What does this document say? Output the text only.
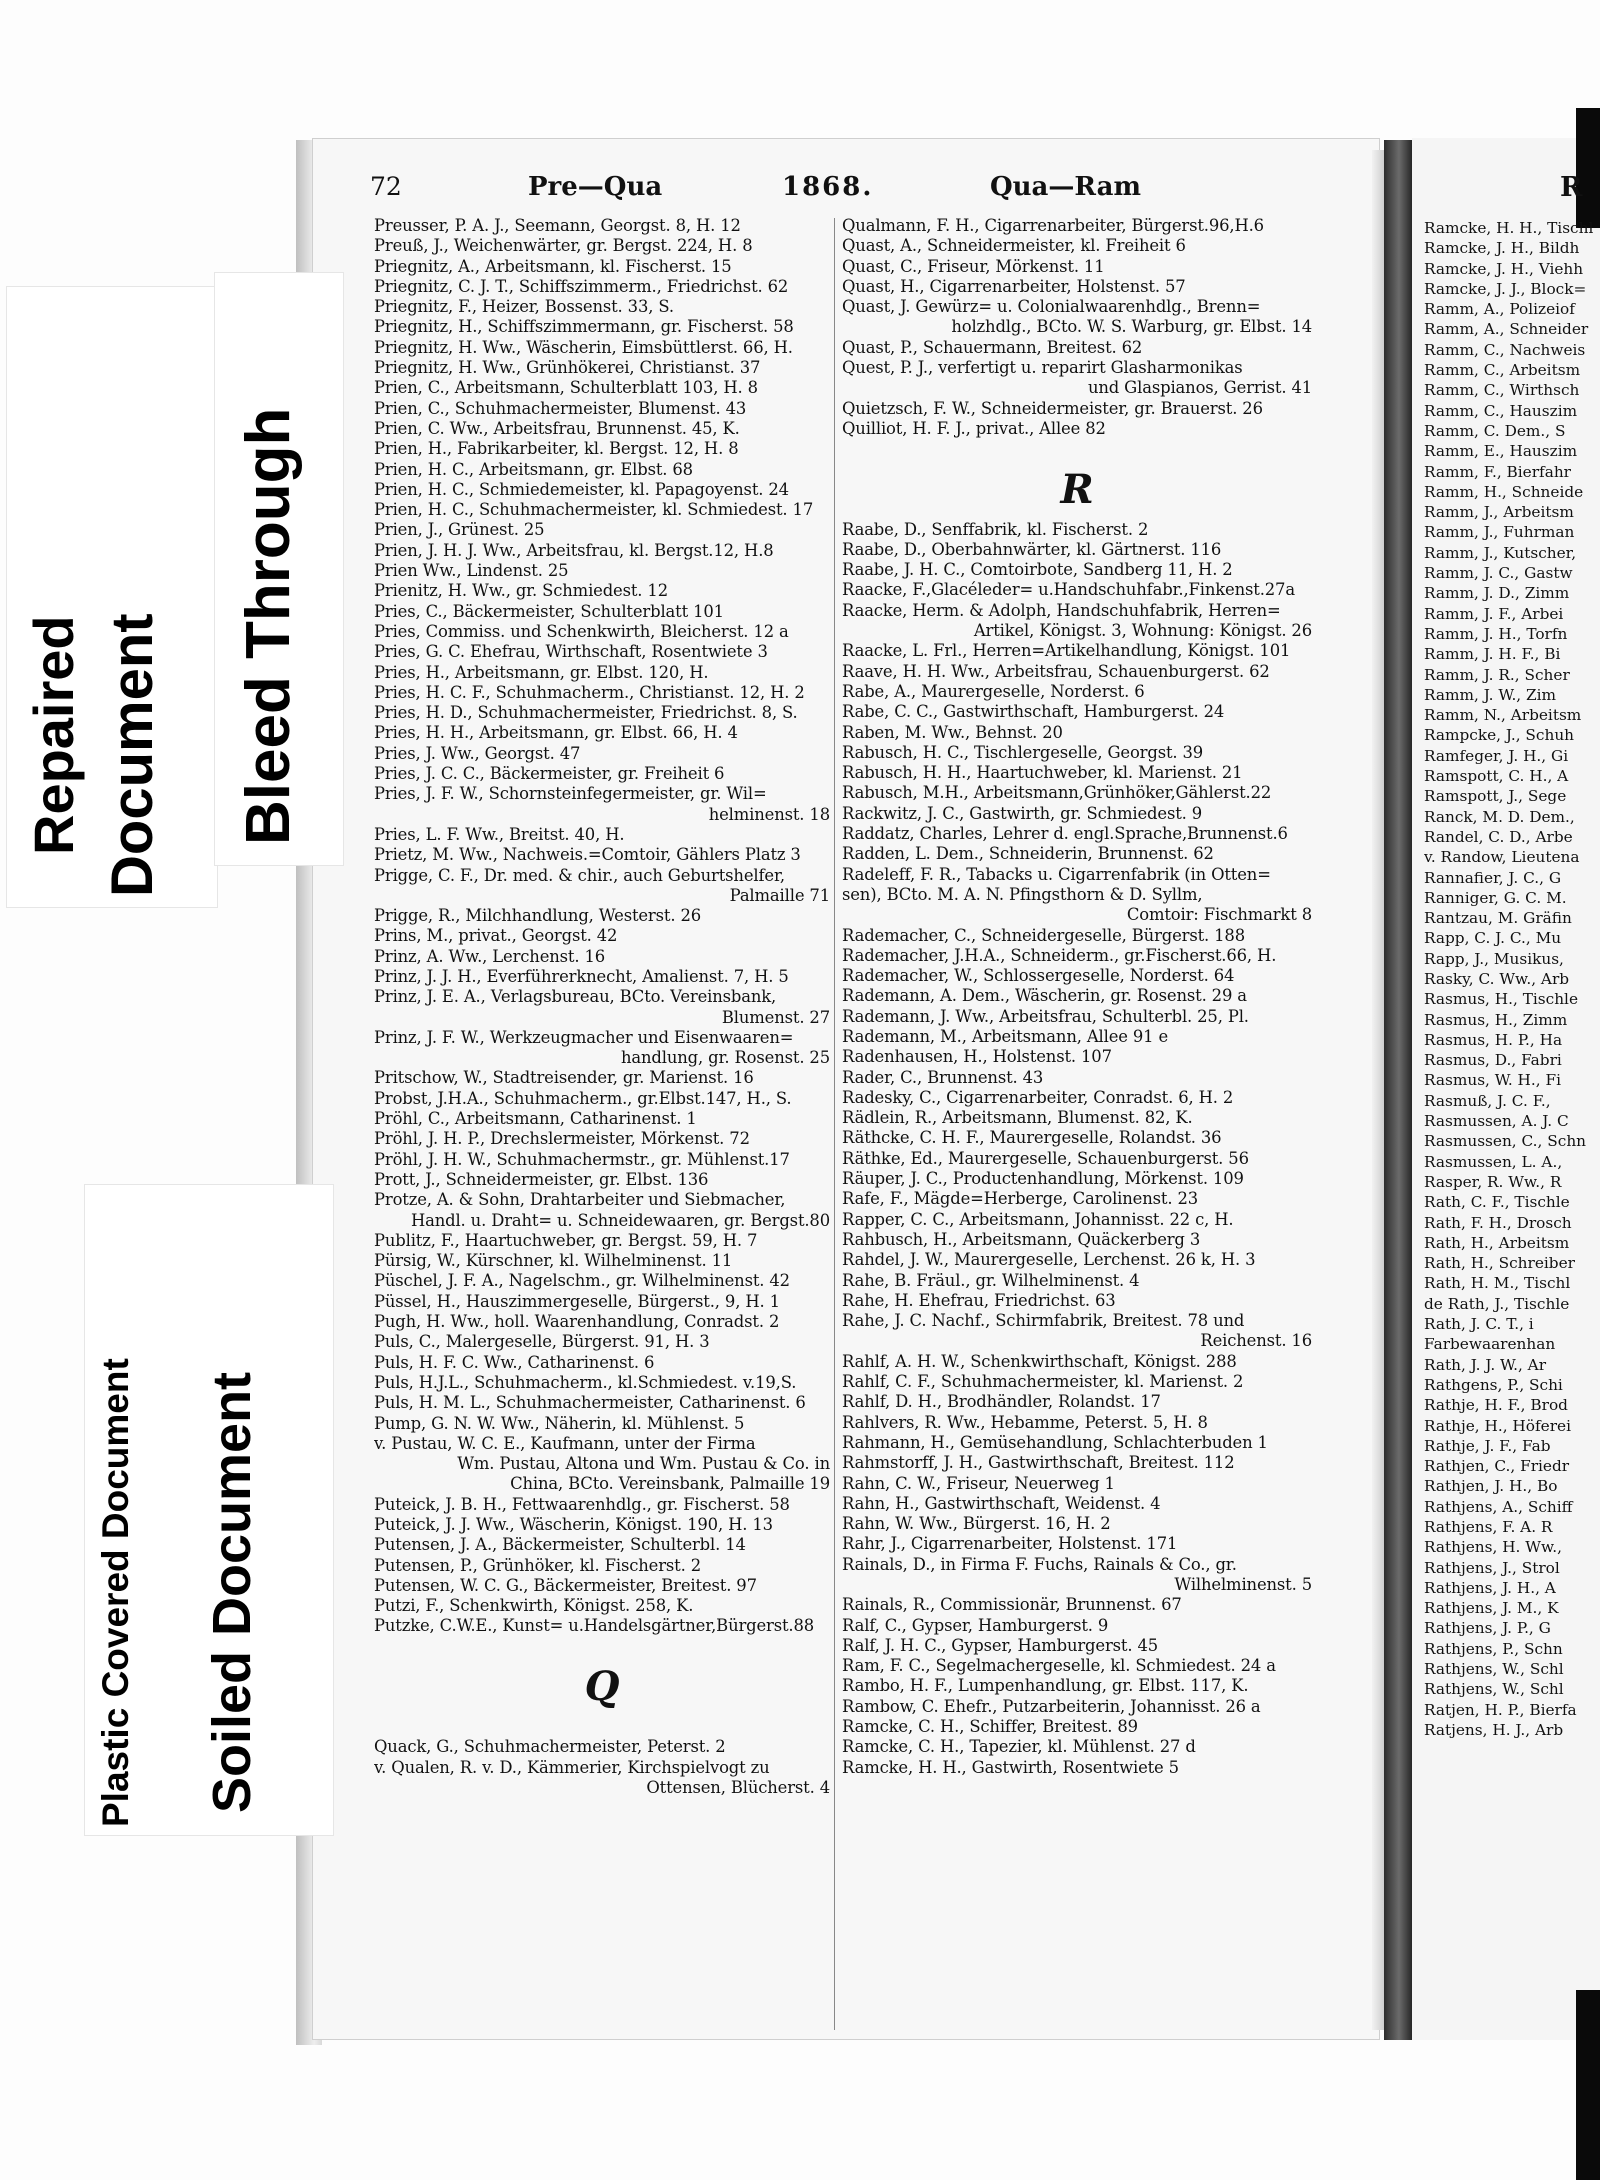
72	Pre—Qua	1868.	Qua—Ram	R
Preusser, P. A. J., Seemann, Georgst. 8, H. 12
Preuß, J., Weichenwärter, gr. Bergst. 224, H. 8
Priegnitz, A., Arbeitsmann, kl. Fischerst. 15
Priegnitz, C. J. T., Schiffszimmerm., Friedrichst. 62
Priegnitz, F., Heizer, Bossenst. 33, S.
Priegnitz, H., Schiffszimmermann, gr. Fischerst. 58
Priegnitz, H. Ww., Wäscherin, Eimsbüttlerst. 66, H.
Priegnitz, H. Ww., Grünhökerei, Christianst. 37
Prien, C., Arbeitsmann, Schulterblatt 103, H. 8
Prien, C., Schuhmachermeister, Blumenst. 43
Prien, C. Ww., Arbeitsfrau, Brunnenst. 45, K.
Prien, H., Fabrikarbeiter, kl. Bergst. 12, H. 8
Prien, H. C., Arbeitsmann, gr. Elbst. 68
Prien, H. C., Schmiedemeister, kl. Papagoyenst. 24
Prien, H. C., Schuhmachermeister, kl. Schmiedest. 17
Prien, J., Grünest. 25
Prien, J. H. J. Ww., Arbeitsfrau, kl. Bergst.12, H.8
Prien Ww., Lindenst. 25
Prienitz, H. Ww., gr. Schmiedest. 12
Pries, C., Bäckermeister, Schulterblatt 101
Pries, Commiss. und Schenkwirth, Bleicherst. 12 a
Pries, G. C. Ehefrau, Wirthschaft, Rosentwiete 3
Pries, H., Arbeitsmann, gr. Elbst. 120, H.
Pries, H. C. F., Schuhmacherm., Christianst. 12, H. 2
Pries, H. D., Schuhmachermeister, Friedrichst. 8, S.
Pries, H. H., Arbeitsmann, gr. Elbst. 66, H. 4
Pries, J. Ww., Georgst. 47
Pries, J. C. C., Bäckermeister, gr. Freiheit 6
Pries, J. F. W., Schornsteinfegermeister, gr. Wil=
helminenst. 18
Pries, L. F. Ww., Breitst. 40, H.
Prietz, M. Ww., Nachweis.=Comtoir, Gählers Platz 3
Prigge, C. F., Dr. med. & chir., auch Geburtshelfer,
Palmaille 71
Prigge, R., Milchhandlung, Westerst. 26
Prins, M., privat., Georgst. 42
Prinz, A. Ww., Lerchenst. 16
Prinz, J. J. H., Everführerknecht, Amalienst. 7, H. 5
Prinz, J. E. A., Verlagsbureau, BCto. Vereinsbank,
Blumenst. 27
Prinz, J. F. W., Werkzeugmacher und Eisenwaaren=
handlung, gr. Rosenst. 25
Pritschow, W., Stadtreisender, gr. Marienst. 16
Probst, J.H.A., Schuhmacherm., gr.Elbst.147, H., S.
Pröhl, C., Arbeitsmann, Catharinenst. 1
Pröhl, J. H. P., Drechslermeister, Mörkenst. 72
Pröhl, J. H. W., Schuhmachermstr., gr. Mühlenst.17
Prott, J., Schneidermeister, gr. Elbst. 136
Protze, A. & Sohn, Drahtarbeiter und Siebmacher,
Handl. u. Draht= u. Schneidewaaren, gr. Bergst.80
Publitz, F., Haartuchweber, gr. Bergst. 59, H. 7
Pürsig, W., Kürschner, kl. Wilhelminenst. 11
Püschel, J. F. A., Nagelschm., gr. Wilhelminenst. 42
Püssel, H., Hauszimmergeselle, Bürgerst., 9, H. 1
Pugh, H. Ww., holl. Waarenhandlung, Conradst. 2
Puls, C., Malergeselle, Bürgerst. 91, H. 3
Puls, H. F. C. Ww., Catharinenst. 6
Puls, H.J.L., Schuhmacherm., kl.Schmiedest. v.19,S.
Puls, H. M. L., Schuhmachermeister, Catharinenst. 6
Pump, G. N. W. Ww., Näherin, kl. Mühlenst. 5
v. Pustau, W. C. E., Kaufmann, unter der Firma
Wm. Pustau, Altona und Wm. Pustau & Co. in
China, BCto. Vereinsbank, Palmaille 19
Puteick, J. B. H., Fettwaarenhdlg., gr. Fischerst. 58
Puteick, J. J. Ww., Wäscherin, Königst. 190, H. 13
Putensen, J. A., Bäckermeister, Schulterbl. 14
Putensen, P., Grünhöker, kl. Fischerst. 2
Putensen, W. C. G., Bäckermeister, Breitest. 97
Putzi, F., Schenkwirth, Königst. 258, K.
Putzke, C.W.E., Kunst= u.Handelsgärtner,Bürgerst.88
Q
Quack, G., Schuhmachermeister, Peterst. 2
v. Qualen, R. v. D., Kämmerier, Kirchspielvogt zu
Ottensen, Blücherst. 4
Qualmann, F. H., Cigarrenarbeiter, Bürgerst.96,H.6
Quast, A., Schneidermeister, kl. Freiheit 6
Quast, C., Friseur, Mörkenst. 11
Quast, H., Cigarrenarbeiter, Holstenst. 57
Quast, J. Gewürz= u. Colonialwaarenhdlg., Brenn=
holzhdlg., BCto. W. S. Warburg, gr. Elbst. 14
Quast, P., Schauermann, Breitest. 62
Quest, P. J., verfertigt u. reparirt Glasharmonikas
und Glaspianos, Gerrist. 41
Quietzsch, F. W., Schneidermeister, gr. Brauerst. 26
Quilliot, H. F. J., privat., Allee 82
R
Raabe, D., Senffabrik, kl. Fischerst. 2
Raabe, D., Oberbahnwärter, kl. Gärtnerst. 116
Raabe, J. H. C., Comtoirbote, Sandberg 11, H. 2
Raacke, F.,Glacéleder= u.Handschuhfabr.,Finkenst.27a
Raacke, Herm. & Adolph, Handschuhfabrik, Herren=
Artikel, Königst. 3, Wohnung: Königst. 26
Raacke, L. Frl., Herren=Artikelhandlung, Königst. 101
Raave, H. H. Ww., Arbeitsfrau, Schauenburgerst. 62
Rabe, A., Maurergeselle, Norderst. 6
Rabe, C. C., Gastwirthschaft, Hamburgerst. 24
Raben, M. Ww., Behnst. 20
Rabusch, H. C., Tischlergeselle, Georgst. 39
Rabusch, H. H., Haartuchweber, kl. Marienst. 21
Rabusch, M.H., Arbeitsmann,Grünhöker,Gählerst.22
Rackwitz, J. C., Gastwirth, gr. Schmiedest. 9
Raddatz, Charles, Lehrer d. engl.Sprache,Brunnenst.6
Radden, L. Dem., Schneiderin, Brunnenst. 62
Radeleff, F. R., Tabacks u. Cigarrenfabrik (in Otten=
sen), BCto. M. A. N. Pfingsthorn & D. Syllm,
Comtoir: Fischmarkt 8
Rademacher, C., Schneidergeselle, Bürgerst. 188
Rademacher, J.H.A., Schneiderm., gr.Fischerst.66, H.
Rademacher, W., Schlossergeselle, Norderst. 64
Rademann, A. Dem., Wäscherin, gr. Rosenst. 29 a
Rademann, J. Ww., Arbeitsfrau, Schulterbl. 25, Pl.
Rademann, M., Arbeitsmann, Allee 91 e
Radenhausen, H., Holstenst. 107
Rader, C., Brunnenst. 43
Radesky, C., Cigarrenarbeiter, Conradst. 6, H. 2
Rädlein, R., Arbeitsmann, Blumenst. 82, K.
Räthcke, C. H. F., Maurergeselle, Rolandst. 36
Räthke, Ed., Maurergeselle, Schauenburgerst. 56
Räuper, J. C., Productenhandlung, Mörkenst. 109
Rafe, F., Mägde=Herberge, Carolinenst. 23
Rapper, C. C., Arbeitsmann, Johannisst. 22 c, H.
Rahbusch, H., Arbeitsmann, Quäckerberg 3
Rahdel, J. W., Maurergeselle, Lerchenst. 26 k, H. 3
Rahe, B. Fräul., gr. Wilhelminenst. 4
Rahe, H. Ehefrau, Friedrichst. 63
Rahe, J. C. Nachf., Schirmfabrik, Breitest. 78 und
Reichenst. 16
Rahlf, A. H. W., Schenkwirthschaft, Königst. 288
Rahlf, C. F., Schuhmachermeister, kl. Marienst. 2
Rahlf, D. H., Brodhändler, Rolandst. 17
Rahlvers, R. Ww., Hebamme, Peterst. 5, H. 8
Rahmann, H., Gemüsehandlung, Schlachterbuden 1
Rahmstorff, J. H., Gastwirthschaft, Breitest. 112
Rahn, C. W., Friseur, Neuerweg 1
Rahn, H., Gastwirthschaft, Weidenst. 4
Rahn, W. Ww., Bürgerst. 16, H. 2
Rahr, J., Cigarrenarbeiter, Holstenst. 171
Rainals, D., in Firma F. Fuchs, Rainals & Co., gr.
Wilhelminenst. 5
Rainals, R., Commissionär, Brunnenst. 67
Ralf, C., Gypser, Hamburgerst. 9
Ralf, J. H. C., Gypser, Hamburgerst. 45
Ram, F. C., Segelmachergeselle, kl. Schmiedest. 24 a
Rambo, H. F., Lumpenhandlung, gr. Elbst. 117, K.
Rambow, C. Ehefr., Putzarbeiterin, Johannisst. 26 a
Ramcke, C. H., Schiffer, Breitest. 89
Ramcke, C. H., Tapezier, kl. Mühlenst. 27 d
Ramcke, H. H., Gastwirth, Rosentwiete 5
Ramcke, H. H., Tischl
Ramcke, J. H., Bildh
Ramcke, J. H., Viehh
Ramcke, J. J., Block=
Ramm, A., Polizeiof
Ramm, A., Schneider
Ramm, C., Nachweis
Ramm, C., Arbeitsm
Ramm, C., Wirthsch
Ramm, C., Hauszim
Ramm, C. Dem., S
Ramm, E., Hauszim
Ramm, F., Bierfahr
Ramm, H., Schneide
Ramm, J., Arbeitsm
Ramm, J., Fuhrman
Ramm, J., Kutscher,
Ramm, J. C., Gastw
Ramm, J. D., Zimm
Ramm, J. F., Arbei
Ramm, J. H., Torfn
Ramm, J. H. F., Bi
Ramm, J. R., Scher
Ramm, J. W., Zim
Ramm, N., Arbeitsm
Rampcke, J., Schuh
Ramfeger, J. H., Gi
Ramspott, C. H., A
Ramspott, J., Sege
Ranck, M. D. Dem.,
Randel, C. D., Arbe
v. Randow, Lieutena
Rannafier, J. C., G
Ranniger, G. C. M.
Rantzau, M. Gräfin
Rapp, C. J. C., Mu
Rapp, J., Musikus,
Rasky, C. Ww., Arb
Rasmus, H., Tischle
Rasmus, H., Zimm
Rasmus, H. P., Ha
Rasmus, D., Fabri
Rasmus, W. H., Fi
Rasmuß, J. C. F.,
Rasmussen, A. J. C
Rasmussen, C., Schn
Rasmussen, L. A.,
Rasper, R. Ww., R
Rath, C. F., Tischle
Rath, F. H., Drosch
Rath, H., Arbeitsm
Rath, H., Schreiber
Rath, H. M., Tischl
de Rath, J., Tischle
Rath, J. C. T., i
Farbewaarenhan
Rath, J. J. W., Ar
Rathgens, P., Schi
Rathje, H. F., Brod
Rathje, H., Höferei
Rathje, J. F., Fab
Rathjen, C., Friedr
Rathjen, J. H., Bo
Rathjens, A., Schiff
Rathjens, F. A. R
Rathjens, H. Ww.,
Rathjens, J., Strol
Rathjens, J. H., A
Rathjens, J. M., K
Rathjens, J. P., G
Rathjens, P., Schn
Rathjens, W., Schl
Rathjens, W., Schl
Ratjen, H. P., Bierfa
Ratjens, H. J., Arb
Repaired Document Bleed Through
Plastic Covered Document Soiled Document
